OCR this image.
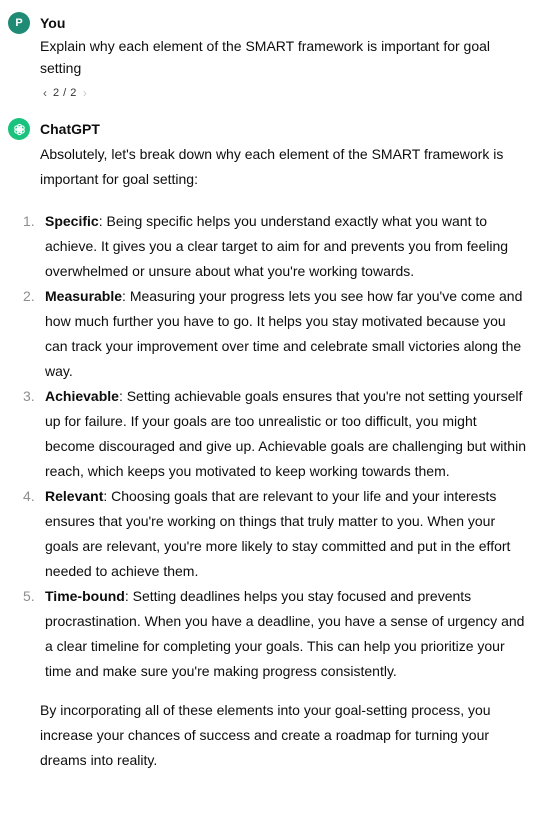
P You
Explain why each element of the SMART framework is important for goal setting
‹ 2 / 2 ›
ChatGPT
Absolutely, let's break down why each element of the SMART framework is important for goal setting:
1. Specific: Being specific helps you understand exactly what you want to achieve. It gives you a clear target to aim for and prevents you from feeling overwhelmed or unsure about what you're working towards.
2. Measurable: Measuring your progress lets you see how far you've come and how much further you have to go. It helps you stay motivated because you can track your improvement over time and celebrate small victories along the way.
3. Achievable: Setting achievable goals ensures that you're not setting yourself up for failure. If your goals are too unrealistic or too difficult, you might become discouraged and give up. Achievable goals are challenging but within reach, which keeps you motivated to keep working towards them.
4. Relevant: Choosing goals that are relevant to your life and your interests ensures that you're working on things that truly matter to you. When your goals are relevant, you're more likely to stay committed and put in the effort needed to achieve them.
5. Time-bound: Setting deadlines helps you stay focused and prevents procrastination. When you have a deadline, you have a sense of urgency and a clear timeline for completing your goals. This can help you prioritize your time and make sure you're making progress consistently.
By incorporating all of these elements into your goal-setting process, you increase your chances of success and create a roadmap for turning your dreams into reality.
